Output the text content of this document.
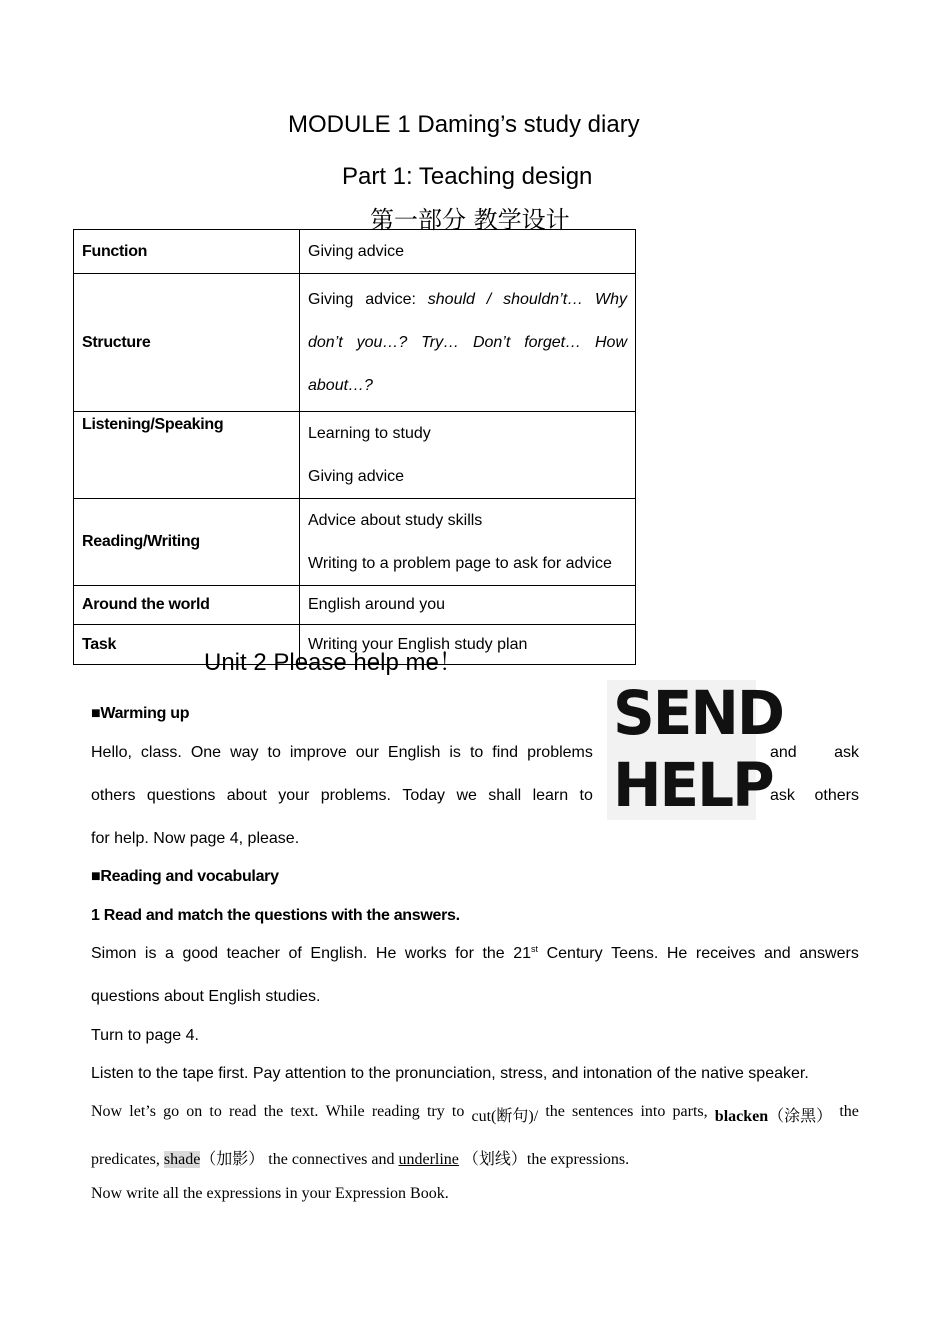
MODULE 1 Daming’s study diary
Part 1: Teaching design
第一部分 教学设计
Function	Giving advice

Structure	Giving advice: should / shouldn’t… Why don’t you…? Try… Don’t forget… How about…?
Listening/Speaking	Learning to study
Giving advice

Reading/Writing	Advice about study skills
Writing to a problem page to ask for advice

Around the world	English around you

Task	Writing your English study plan
Unit 2 Please help me！
SEND
HELP
■Warming up
Hello, class. One way to improve our English is to find problems	and ask
others questions about your problems. Today we shall learn to	ask others
for help. Now page 4, please.
■Reading and vocabulary
1 Read and match the questions with the answers.
Simon is a good teacher of English. He works for the 21st Century Teens. He receives and answers
questions about English studies.
Turn to page 4.
Listen to the tape first. Pay attention to the pronunciation, stress, and intonation of the native speaker.
Now let’s go on to read the text. While reading try to cut(断句)/ the sentences into parts, blacken（涂黑） the
predicates, shade（加影） the connectives and underline （划线）the expressions.
Now write all the expressions in your Expression Book.
